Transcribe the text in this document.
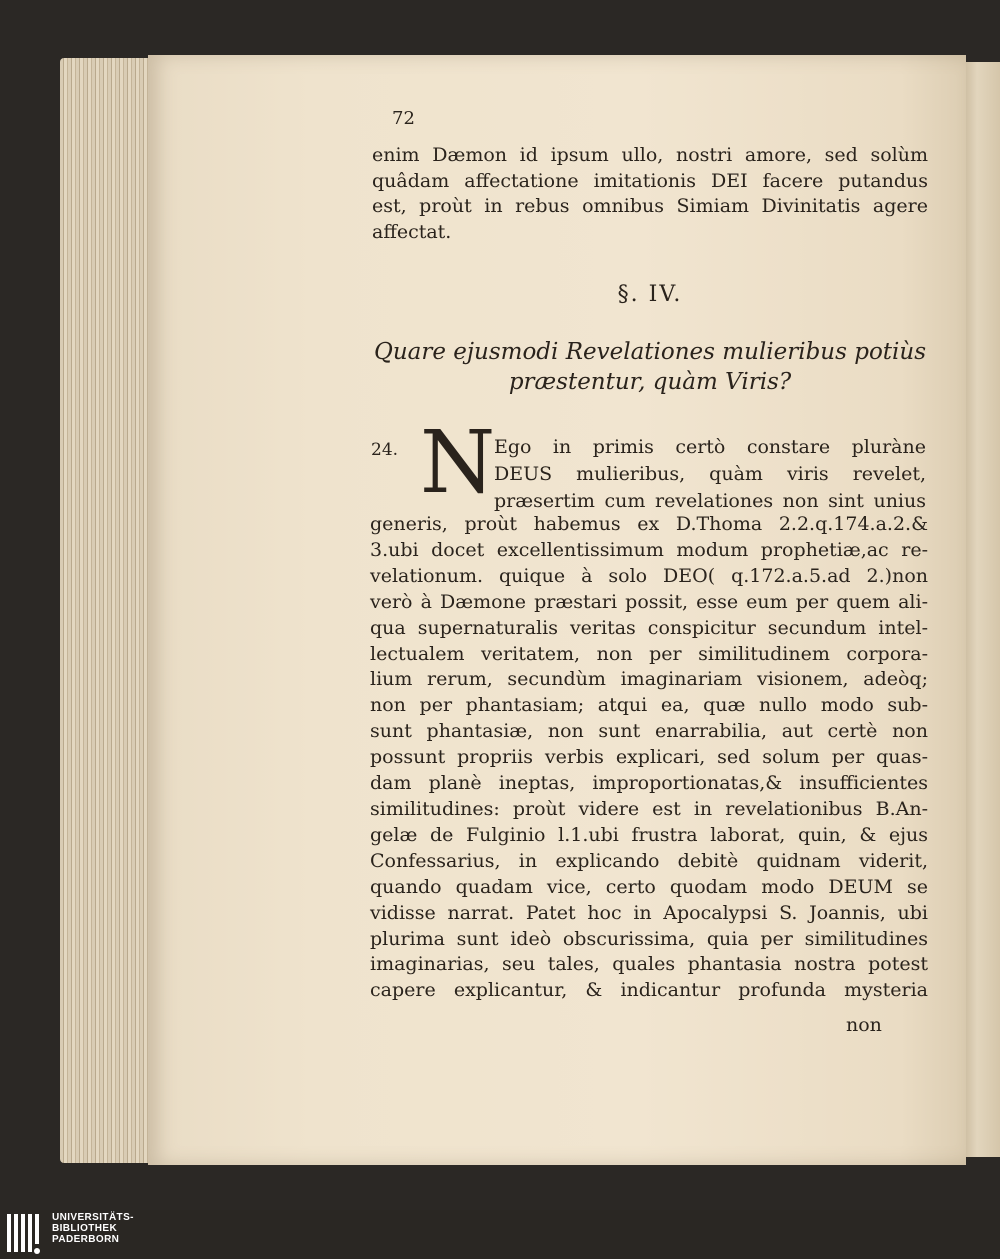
72
enim Dæmon id ipsum ullo, nostri amore, sed solùm
quâdam affectatione imitationis DEI facere putandus
est, proùt in rebus omnibus Simiam Divinitatis agere
affectat.
§. IV.
Quare ejusmodi Revelationes mulieribus potiùs
præstentur, quàm Viris?
24. N
Ego in primis certò constare pluràne
DEUS mulieribus, quàm viris revelet,
præsertim cum revelationes non sint unius
generis, proùt habemus ex D.Thoma 2.2.q.174.a.2.&
3.ubi docet excellentissimum modum prophetiæ,ac re-
velationum. quique à solo DEO( q.172.a.5.ad 2.)non
verò à Dæmone præstari possit, esse eum per quem ali-
qua supernaturalis veritas conspicitur secundum intel-
lectualem veritatem, non per similitudinem corpora-
lium rerum, secundùm imaginariam visionem, adeòq;
non per phantasiam; atqui ea, quæ nullo modo sub-
sunt phantasiæ, non sunt enarrabilia, aut certè non
possunt propriis verbis explicari, sed solum per quas-
dam planè ineptas, improportionatas,& insufficientes
similitudines: proùt videre est in revelationibus B.An-
gelæ de Fulginio l.1.ubi frustra laborat, quin, & ejus
Confessarius, in explicando debitè quidnam viderit,
quando quadam vice, certo quodam modo DEUM se
vidisse narrat. Patet hoc in Apocalypsi S. Joannis, ubi
plurima sunt ideò obscurissima, quia per similitudines
imaginarias, seu tales, quales phantasia nostra potest
capere explicantur, & indicantur profunda mysteria
non
UNIVERSITÄTS-
BIBLIOTHEK
PADERBORN
